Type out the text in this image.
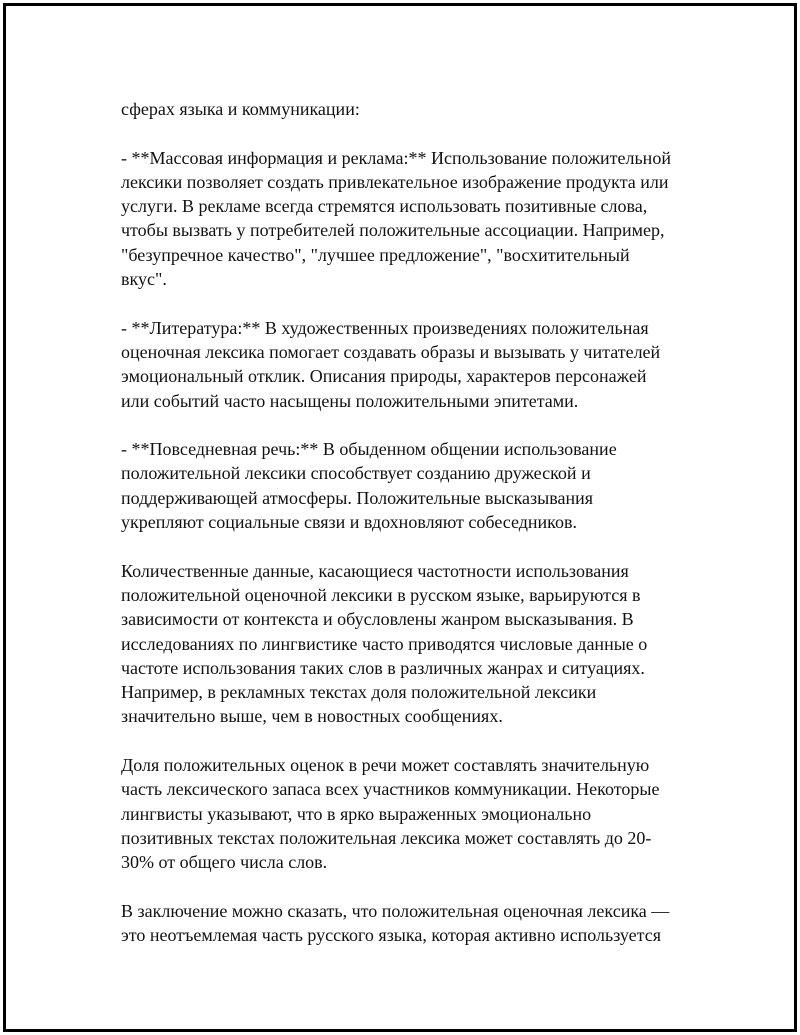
сферах языка и коммуникации:

- **Массовая информация и реклама:** Использование положительной
лексики позволяет создать привлекательное изображение продукта или
услуги. В рекламе всегда стремятся использовать позитивные слова,
чтобы вызвать у потребителей положительные ассоциации. Например,
"безупречное качество", "лучшее предложение", "восхитительный
вкус".

- **Литература:** В художественных произведениях положительная
оценочная лексика помогает создавать образы и вызывать у читателей
эмоциональный отклик. Описания природы, характеров персонажей
или событий часто насыщены положительными эпитетами.

- **Повседневная речь:** В обыденном общении использование
положительной лексики способствует созданию дружеской и
поддерживающей атмосферы. Положительные высказывания
укрепляют социальные связи и вдохновляют собеседников.

Количественные данные, касающиеся частотности использования
положительной оценочной лексики в русском языке, варьируются в
зависимости от контекста и обусловлены жанром высказывания. В
исследованиях по лингвистике часто приводятся числовые данные о
частоте использования таких слов в различных жанрах и ситуациях.
Например, в рекламных текстах доля положительной лексики
значительно выше, чем в новостных сообщениях.

Доля положительных оценок в речи может составлять значительную
часть лексического запаса всех участников коммуникации. Некоторые
лингвисты указывают, что в ярко выраженных эмоционально
позитивных текстах положительная лексика может составлять до 20-
30% от общего числа слов.

В заключение можно сказать, что положительная оценочная лексика —
это неотъемлемая часть русского языка, которая активно используется
